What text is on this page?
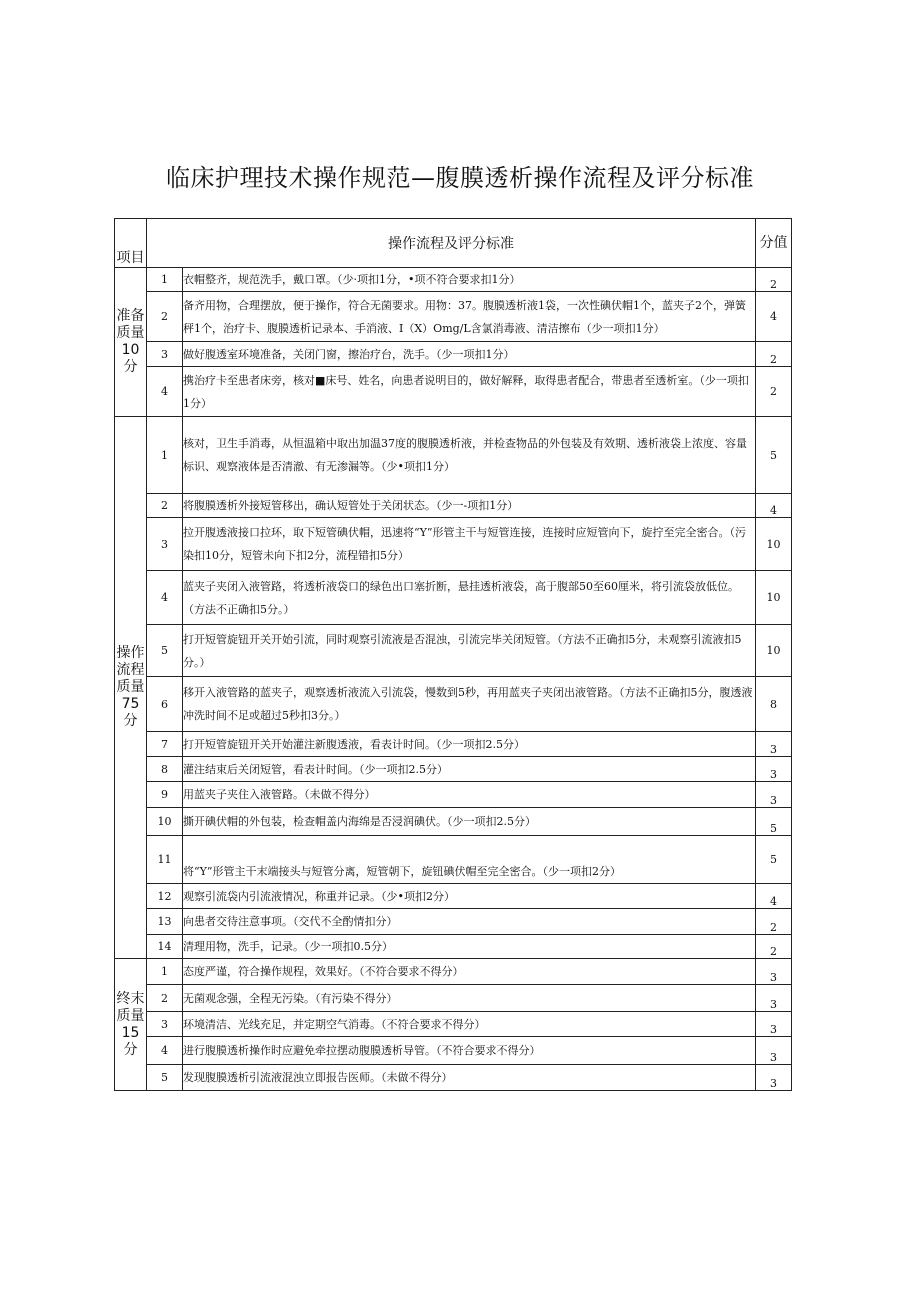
临床护理技术操作规范—腹膜透析操作流程及评分标准
项目	操作流程及评分标准		分值
准备质量10分	1	衣帽整齐，规范洗手，戴口罩。（少·项扣1分，•项不符合要求扣1分）	2
	2	备齐用物，合理摆放，便于操作，符合无菌要求。用物：37。腹膜透析液1袋，一次性碘伏帽1个，蓝夹子2个，弹簧秤1个，治疗卡、腹膜透析记录本、手消液、I（X）Omg/L含氯消毒液、清洁擦布（少一项扣1分）	4
	3	做好腹透室环境准备，关闭门窗，擦治疗台，洗手。（少一项扣1分）	2
	4	携治疗卡至患者床旁，核对■床号、姓名，向患者说明目的，做好解释，取得患者配合，带患者至透析室。（少一项扣1分）	2
操作流程质量75分	1	核对，卫生手消毒，从恒温箱中取出加温37度的腹膜透析液，并检查物品的外包装及有效期、透析液袋上浓度、容量标识、观察液体是否清澈、有无渗漏等。（少•项扣1分）	5
	2	将腹膜透析外接短管移出，确认短管处于关闭状态。（少一-项扣1分）	4
	3	拉开腹透液接口拉环，取下短管碘伏帽，迅速将“Y”形管主干与短管连接，连接时应短管向下，旋拧至完全密合。（污染扣10分，短管未向下扣2分，流程错扣5分）	10
	4	蓝夹子夹闭入液管路，将透析液袋口的绿色出口塞折断，悬挂透析液袋，高于腹部50至60厘米，将引流袋放低位。（方法不正确扣5分。）	10
	5	打开短管旋钮开关开始引流，同时观察引流液是否混浊，引流完毕关闭短管。（方法不正确扣5分，未观察引流液扣5分。）	10
	6	移开入液管路的蓝夹子，观察透析液流入引流袋，慢数到5秒，再用蓝夹子夹闭出液管路。（方法不正确扣5分，腹透液冲洗时间不足或超过5秒扣3分。）	8
	7	打开短管旋钮开关开始灌注新腹透液，看表计时间。（少一项扣2.5分）	3
	8	灌注结束后关闭短管，看表计时间。（少一项扣2.5分）	3
	9	用蓝夹子夹住入液管路。（未做不得分）	3
	10	撕开碘伏帽的外包装，检查帽盖内海绵是否浸润碘伏。（少一项扣2.5分）	5
	11	将“Y”形管主干末端接头与短管分离，短管朝下，旋钮碘伏帽至完全密合。（少一项扣2分）	5
	12	观察引流袋内引流液情况，称重并记录。（少•项扣2分）	4
	13	向患者交待注意事项。（交代不全酌情扣分）	2
	14	清理用物，洗手，记录。（少一项扣0.5分）	2
终末质量15分	1	态度严谨，符合操作规程，效果好。（不符合要求不得分）	3
	2	无菌观念强，全程无污染。（有污染不得分）	3
	3	环境清洁、光线充足，并定期空气消毒。（不符合要求不得分）	3
	4	进行腹膜透析操作时应避免牵拉摆动腹膜透析导管。（不符合要求不得分）	3
	5	发现腹膜透析引流液混浊立即报告医师。（未做不得分）	3
